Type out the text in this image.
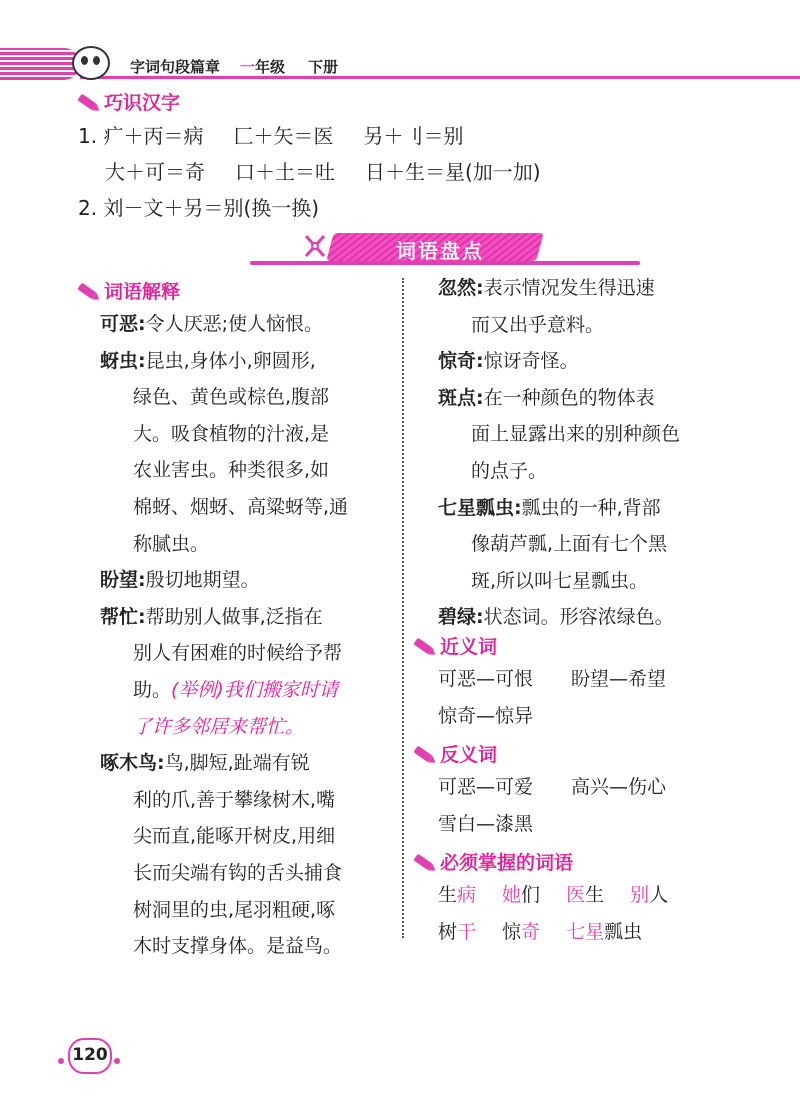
字词句段篇章 一年级 下册
巧识汉字
1. 疒＋丙＝病 匚＋矢＝医 另＋刂＝别
大＋可＝奇 口＋土＝吐 日＋生＝星(加一加)
2. 刘－文＋另＝别(换一换)
词语盘点
词语解释

可恶:令人厌恶;使人恼恨。

蚜虫:昆虫,身体小,卵圆形,

绿色、黄色或棕色,腹部

大。吸食植物的汁液,是

农业害虫。种类很多,如

棉蚜、烟蚜、高粱蚜等,通

称腻虫。

盼望:殷切地期望。

帮忙:帮助别人做事,泛指在

别人有困难的时候给予帮

助。(举例)我们搬家时请

了许多邻居来帮忙。

啄木鸟:鸟,脚短,趾端有锐

利的爪,善于攀缘树木,嘴

尖而直,能啄开树皮,用细

长而尖端有钩的舌头捕食

树洞里的虫,尾羽粗硬,啄

木时支撑身体。是益鸟。

忽然:表示情况发生得迅速

而又出乎意料。

惊奇:惊讶奇怪。

斑点:在一种颜色的物体表

面上显露出来的别种颜色

的点子。

七星瓢虫:瓢虫的一种,背部

像葫芦瓢,上面有七个黑

斑,所以叫七星瓢虫。

碧绿:状态词。形容浓绿色。

近义词

可恶—可恨　　盼望—希望

惊奇—惊异

反义词

可恶—可爱　　高兴—伤心

雪白—漆黑

必须掌握的词语

生病 她们 医生 别人

树干 惊奇 七星瓢虫

120
